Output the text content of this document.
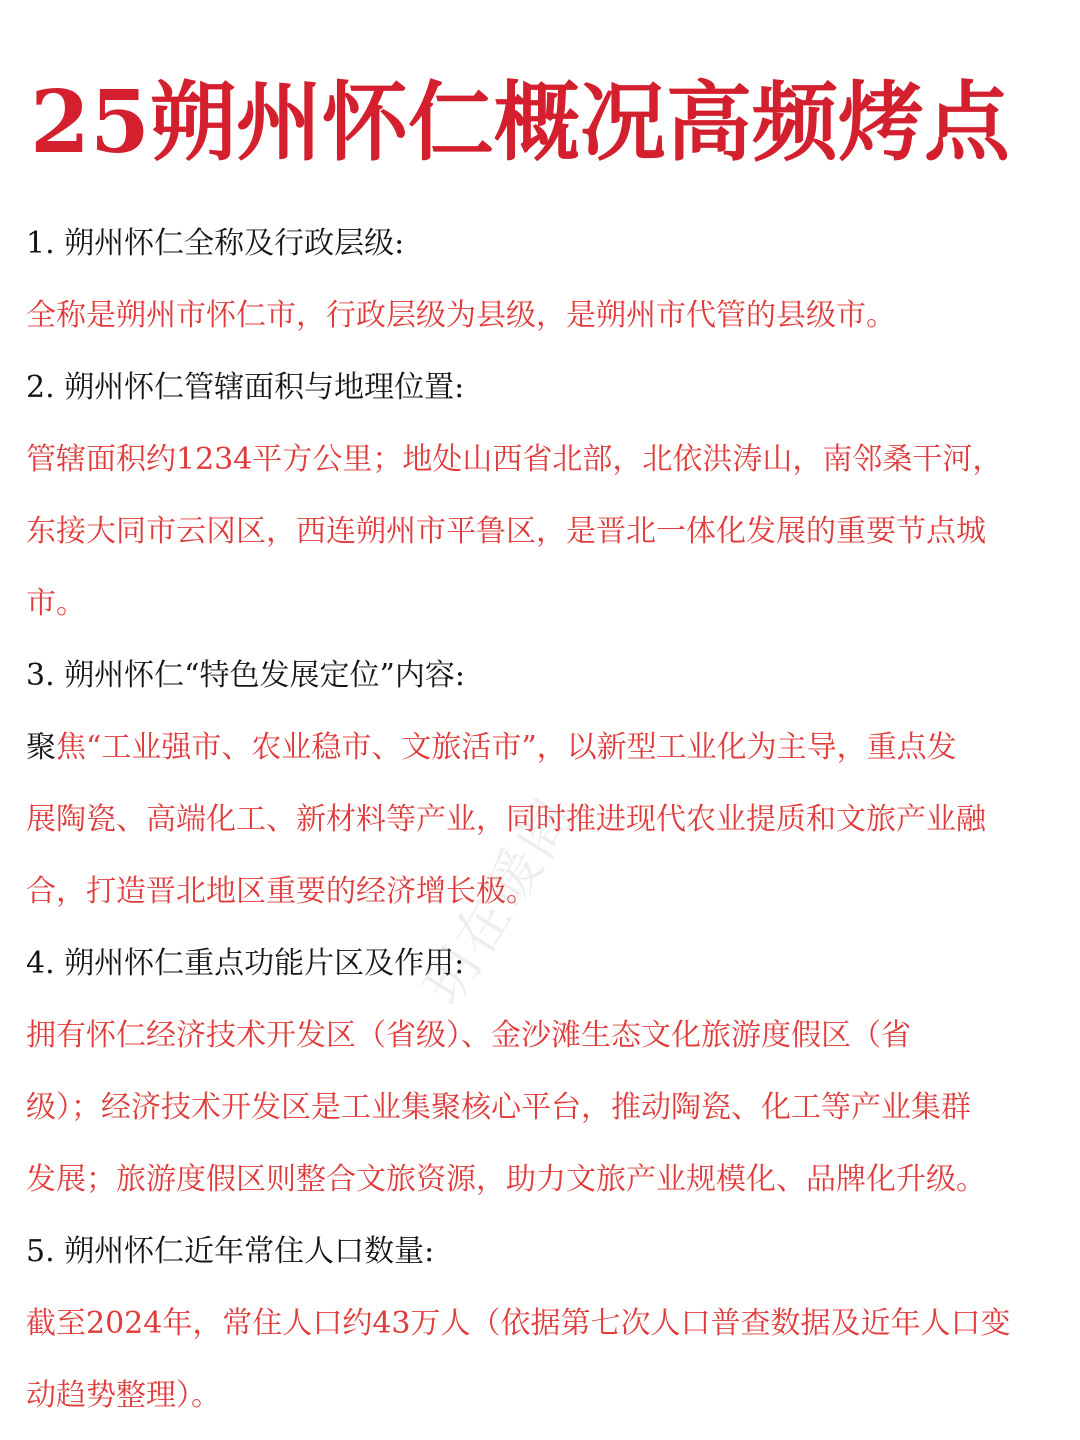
25朔州怀仁概况高频烤点

1. 朔州怀仁全称及行政层级:

全称是朔州市怀仁市，行政层级为县级，是朔州市代管的县级市。

2. 朔州怀仁管辖面积与地理位置:

管辖面积约1234平方公里；地处山西省北部，北依洪涛山，南邻桑干河，
东接大同市云冈区，西连朔州市平鲁区，是晋北一体化发展的重要节点城
市。

3. 朔州怀仁“特色发展定位”内容:

聚焦“工业强市、农业稳市、文旅活市”，以新型工业化为主导，重点发
展陶瓷、高端化工、新材料等产业，同时推进现代农业提质和文旅产业融
合，打造晋北地区重要的经济增长极。

4. 朔州怀仁重点功能片区及作用:

拥有怀仁经济技术开发区（省级）、金沙滩生态文化旅游度假区（省
级）；经济技术开发区是工业集聚核心平台，推动陶瓷、化工等产业集群
发展；旅游度假区则整合文旅资源，助力文旅产业规模化、品牌化升级。

5. 朔州怀仁近年常住人口数量:

截至2024年，常住人口约43万人（依据第七次人口普查数据及近年人口变
动趋势整理）。

玥在暖阁
